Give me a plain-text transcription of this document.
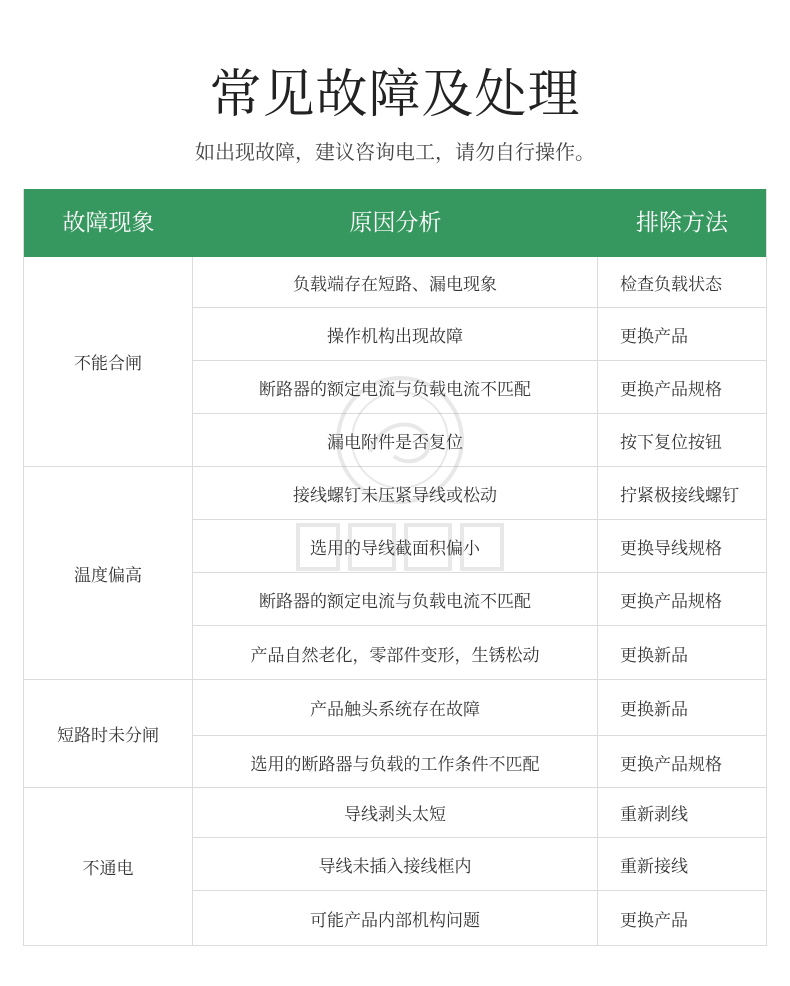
常见故障及处理
如出现故障，建议咨询电工，请勿自行操作。
故障现象	原因分析	排除方法
不能合闸
负载端存在短路、漏电现象	检查负载状态
操作机构出现故障	更换产品
断路器的额定电流与负载电流不匹配	更换产品规格
漏电附件是否复位	按下复位按钮
温度偏高
接线螺钉未压紧导线或松动	拧紧极接线螺钉
选用的导线截面积偏小	更换导线规格
断路器的额定电流与负载电流不匹配	更换产品规格
产品自然老化，零部件变形，生锈松动	更换新品
短路时未分闸
产品触头系统存在故障	更换新品
选用的断路器与负载的工作条件不匹配	更换产品规格
不通电
导线剥头太短	重新剥线
导线未插入接线框内	重新接线
可能产品内部机构问题	更换产品
